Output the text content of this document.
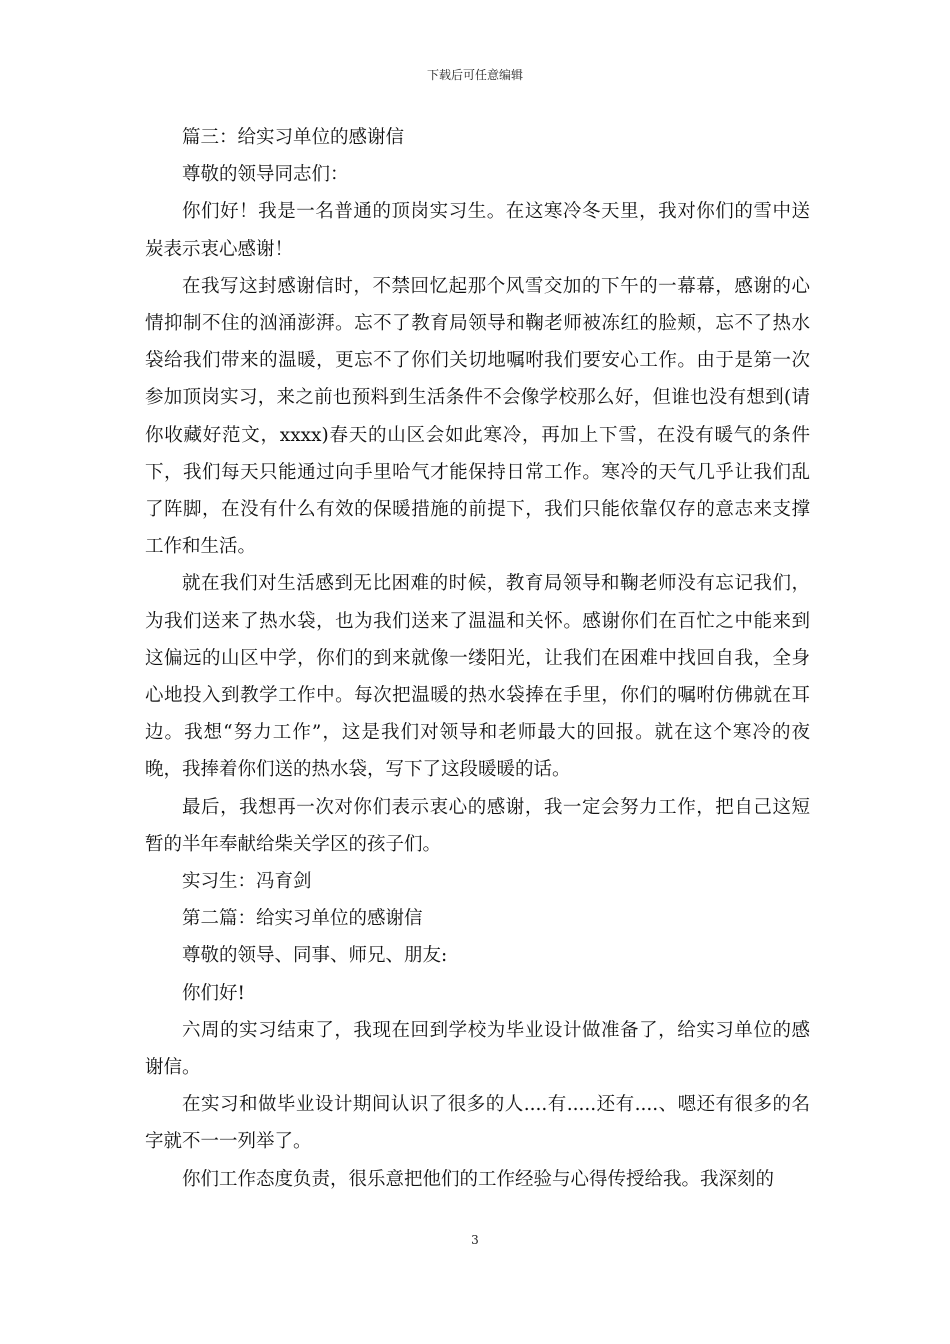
下载后可任意编辑

篇三：给实习单位的感谢信

尊敬的领导同志们：

你们好！我是一名普通的顶岗实习生。在这寒冷冬天里，我对你们的雪中送炭表示衷心感谢！

在我写这封感谢信时，不禁回忆起那个风雪交加的下午的一幕幕，感谢的心情抑制不住的汹涌澎湃。忘不了教育局领导和鞠老师被冻红的脸颊，忘不了热水袋给我们带来的温暖，更忘不了你们关切地嘱咐我们要安心工作。由于是第一次参加顶岗实习，来之前也预料到生活条件不会像学校那么好，但谁也没有想到(请你收藏好范文，xxxx)春天的山区会如此寒冷，再加上下雪，在没有暖气的条件下，我们每天只能通过向手里哈气才能保持日常工作。寒冷的天气几乎让我们乱了阵脚，在没有什么有效的保暖措施的前提下，我们只能依靠仅存的意志来支撑工作和生活。

就在我们对生活感到无比困难的时候，教育局领导和鞠老师没有忘记我们，为我们送来了热水袋，也为我们送来了温温和关怀。感谢你们在百忙之中能来到这偏远的山区中学，你们的到来就像一缕阳光，让我们在困难中找回自我，全身心地投入到教学工作中。每次把温暖的热水袋捧在手里，你们的嘱咐仿佛就在耳边。我想“努力工作”，这是我们对领导和老师最大的回报。就在这个寒冷的夜晚，我捧着你们送的热水袋，写下了这段暖暖的话。

最后，我想再一次对你们表示衷心的感谢，我一定会努力工作，把自己这短暂的半年奉献给柴关学区的孩子们。

实习生：冯育剑

第二篇：给实习单位的感谢信

尊敬的领导、同事、师兄、朋友:

你们好!

六周的实习结束了，我现在回到学校为毕业设计做准备了，给实习单位的感谢信。

在实习和做毕业设计期间认识了很多的人....有.....还有....、嗯还有很多的名字就不一一列举了。

你们工作态度负责，很乐意把他们的工作经验与心得传授给我。我深刻的

3
